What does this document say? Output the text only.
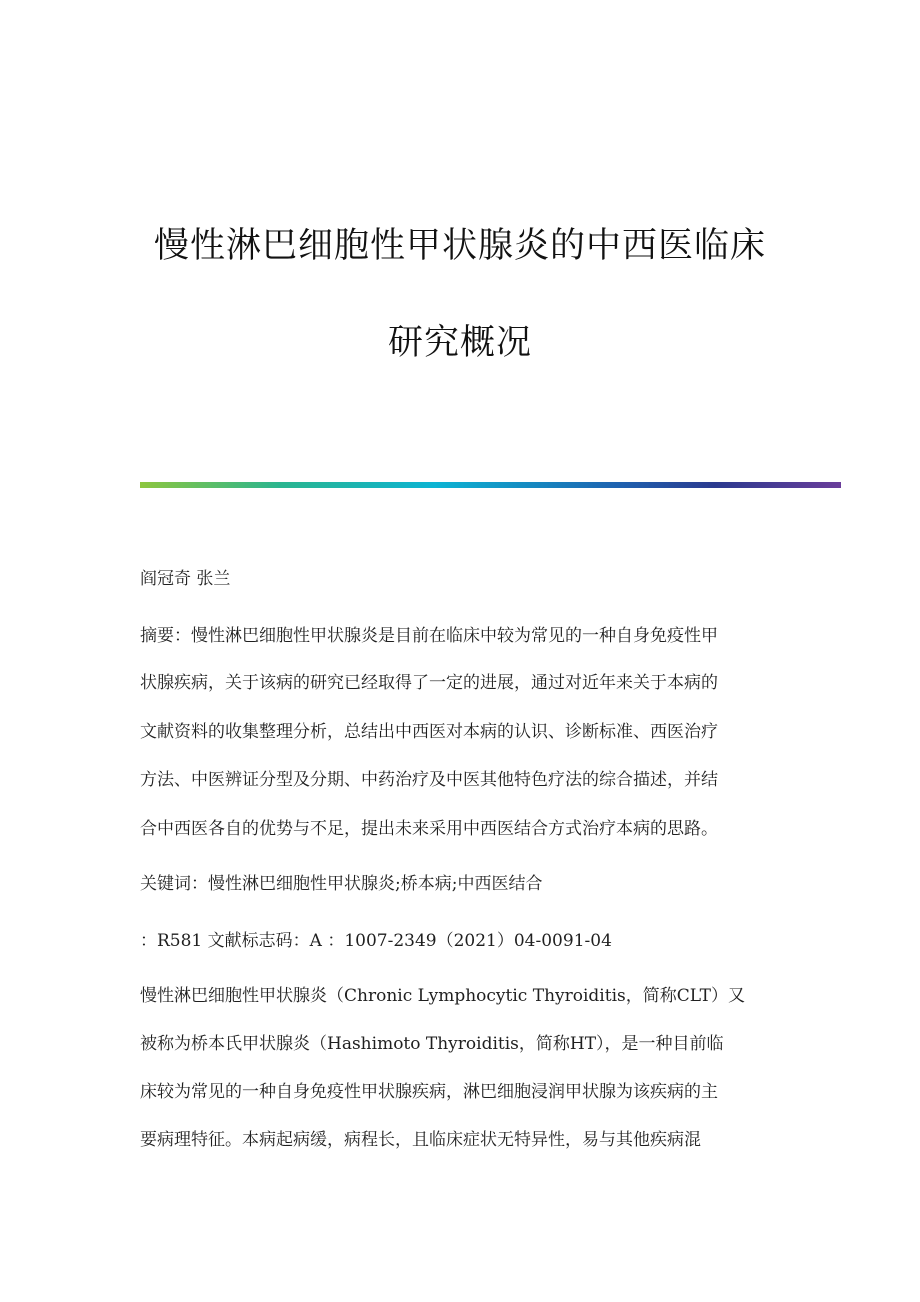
慢性淋巴细胞性甲状腺炎的中西医临床
研究概况
阎冠奇 张兰
摘要：慢性淋巴细胞性甲状腺炎是目前在临床中较为常见的一种自身免疫性甲
状腺疾病，关于该病的研究已经取得了一定的进展，通过对近年来关于本病的
文献资料的收集整理分析，总结出中西医对本病的认识、诊断标准、西医治疗
方法、中医辨证分型及分期、中药治疗及中医其他特色疗法的综合描述，并结
合中西医各自的优势与不足，提出未来采用中西医结合方式治疗本病的思路。
关键词：慢性淋巴细胞性甲状腺炎;桥本病;中西医结合
：R581 文献标志码：A ：1007-2349（2021）04-0091-04
慢性淋巴细胞性甲状腺炎（Chronic Lymphocytic Thyroiditis，简称CLT）又
被称为桥本氏甲状腺炎（Hashimoto Thyroiditis，简称HT），是一种目前临
床较为常见的一种自身免疫性甲状腺疾病，淋巴细胞浸润甲状腺为该疾病的主
要病理特征。本病起病缓，病程长，且临床症状无特异性，易与其他疾病混
